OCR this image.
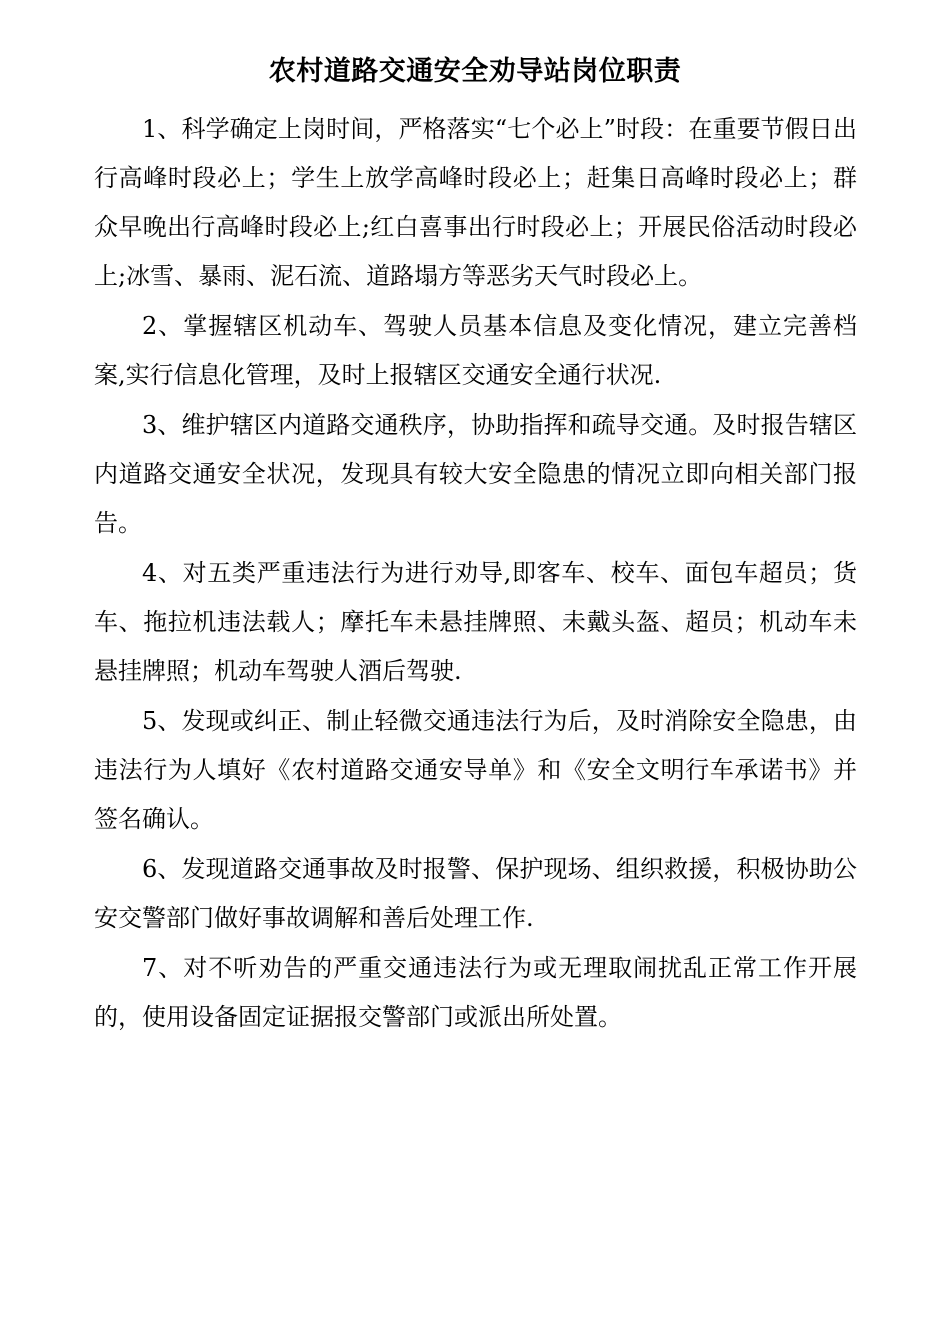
农村道路交通安全劝导站岗位职责

1、科学确定上岗时间，严格落实“七个必上”时段：在重要节假日出行高峰时段必上；学生上放学高峰时段必上；赶集日高峰时段必上；群众早晚出行高峰时段必上;红白喜事出行时段必上；开展民俗活动时段必上;冰雪、暴雨、泥石流、道路塌方等恶劣天气时段必上。

2、掌握辖区机动车、驾驶人员基本信息及变化情况，建立完善档案,实行信息化管理，及时上报辖区交通安全通行状况.

3、维护辖区内道路交通秩序，协助指挥和疏导交通。及时报告辖区内道路交通安全状况，发现具有较大安全隐患的情况立即向相关部门报告。

4、对五类严重违法行为进行劝导,即客车、校车、面包车超员；货车、拖拉机违法载人；摩托车未悬挂牌照、未戴头盔、超员；机动车未悬挂牌照；机动车驾驶人酒后驾驶.

5、发现或纠正、制止轻微交通违法行为后，及时消除安全隐患，由违法行为人填好《农村道路交通安导单》和《安全文明行车承诺书》并签名确认。

6、发现道路交通事故及时报警、保护现场、组织救援，积极协助公安交警部门做好事故调解和善后处理工作.

7、对不听劝告的严重交通违法行为或无理取闹扰乱正常工作开展的，使用设备固定证据报交警部门或派出所处置。
